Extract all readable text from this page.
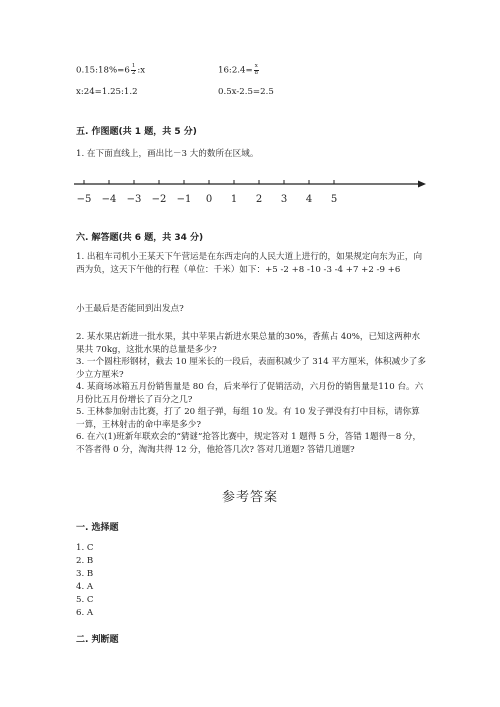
0.15:18%=6 $\frac{1}{2}$ :x	16:2.4= $\frac{x}{8}$
x:24=1.25:1.2	0.5x-2.5=2.5
五. 作图题(共 1 题，共 5 分)
1. 在下面直线上，画出比－3 大的数所在区域。
−5 −4 −3 −2 −1 0 1 2 3 4 5
六. 解答题(共 6 题，共 34 分)
1. 出租车司机小王某天下午营运是在东西走向的人民大道上进行的，如果规定向东为正，向西为负，这天下午他的行程（单位：千米）如下：+5 -2 +8 -10 -3 -4 +7 +2 -9 +6
小王最后是否能回到出发点?
2. 某水果店新进一批水果，其中苹果占新进水果总量的30%，香蕉占 40%，已知这两种水果共 70kg，这批水果的总量是多少?
3. 一个圆柱形钢材，截去 10 厘米长的一段后，表面积减少了 314 平方厘米，体积减少了多少立方厘米?
4. 某商场冰箱五月份销售量是 80 台，后来举行了促销活动，六月份的销售量是110 台。六月份比五月份增长了百分之几?
5. 王林参加射击比赛，打了 20 组子弹，每组 10 发。有 10 发子弹没有打中目标，请你算一算，王林射击的命中率是多少?
6. 在六(1)班新年联欢会的“猜谜”抢答比赛中，规定答对 1 题得 5 分，答错 1题得－8 分，不答者得 0 分，淘淘共得 12 分，他抢答几次? 答对几道题? 答错几道题?
参考答案
一. 选择题
1. C
2. B
3. B
4. A
5. C
6. A
二. 判断题
